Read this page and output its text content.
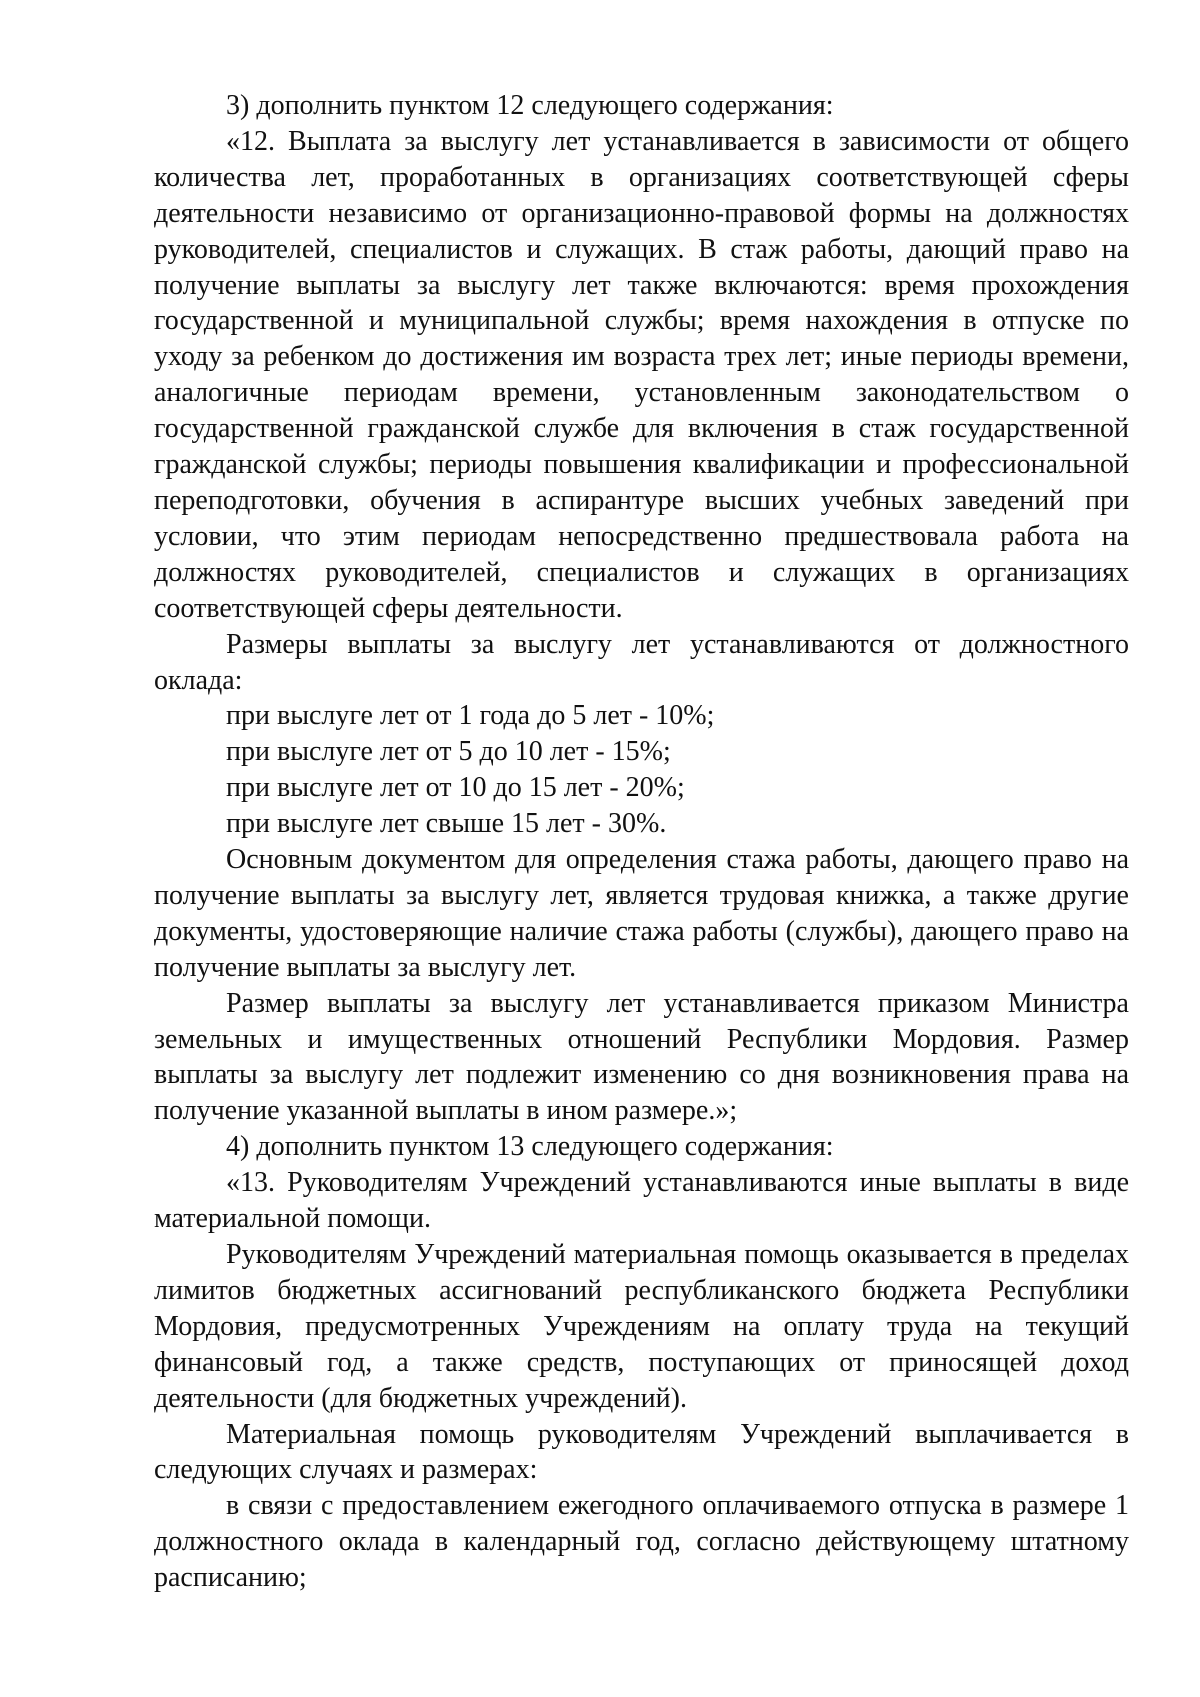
3) дополнить пунктом 12 следующего содержания:

«12. Выплата за выслугу лет устанавливается в зависимости от общего количества лет, проработанных в организациях соответствующей сферы деятельности независимо от организационно-правовой формы на должностях руководителей, специалистов и служащих. В стаж работы, дающий право на получение выплаты за выслугу лет также включаются: время прохождения государственной и муниципальной службы; время нахождения в отпуске по уходу за ребенком до достижения им возраста трех лет; иные периоды времени, аналогичные периодам времени, установленным законодательством о государственной гражданской службе для включения в стаж государственной гражданской службы; периоды повышения квалификации и профессиональной переподготовки, обучения в аспирантуре высших учебных заведений при условии, что этим периодам непосредственно предшествовала работа на должностях руководителей, специалистов и служащих в организациях соответствующей сферы деятельности.

Размеры выплаты за выслугу лет устанавливаются от должностного оклада:

при выслуге лет от 1 года до 5 лет - 10%;

при выслуге лет от 5 до 10 лет - 15%;

при выслуге лет от 10 до 15 лет - 20%;

при выслуге лет свыше 15 лет - 30%.

Основным документом для определения стажа работы, дающего право на получение выплаты за выслугу лет, является трудовая книжка, а также другие документы, удостоверяющие наличие стажа работы (службы), дающего право на получение выплаты за выслугу лет.

Размер выплаты за выслугу лет устанавливается приказом Министра земельных и имущественных отношений Республики Мордовия. Размер выплаты за выслугу лет подлежит изменению со дня возникновения права на получение указанной выплаты в ином размере.»;

4) дополнить пунктом 13 следующего содержания:

«13. Руководителям Учреждений устанавливаются иные выплаты в виде материальной помощи.

Руководителям Учреждений материальная помощь оказывается в пределах лимитов бюджетных ассигнований республиканского бюджета Республики Мордовия, предусмотренных Учреждениям на оплату труда на текущий финансовый год, а также средств, поступающих от приносящей доход деятельности (для бюджетных учреждений).

Материальная помощь руководителям Учреждений выплачивается в следующих случаях и размерах:

в связи с предоставлением ежегодного оплачиваемого отпуска в размере 1 должностного оклада в календарный год, согласно действующему штатному расписанию;
